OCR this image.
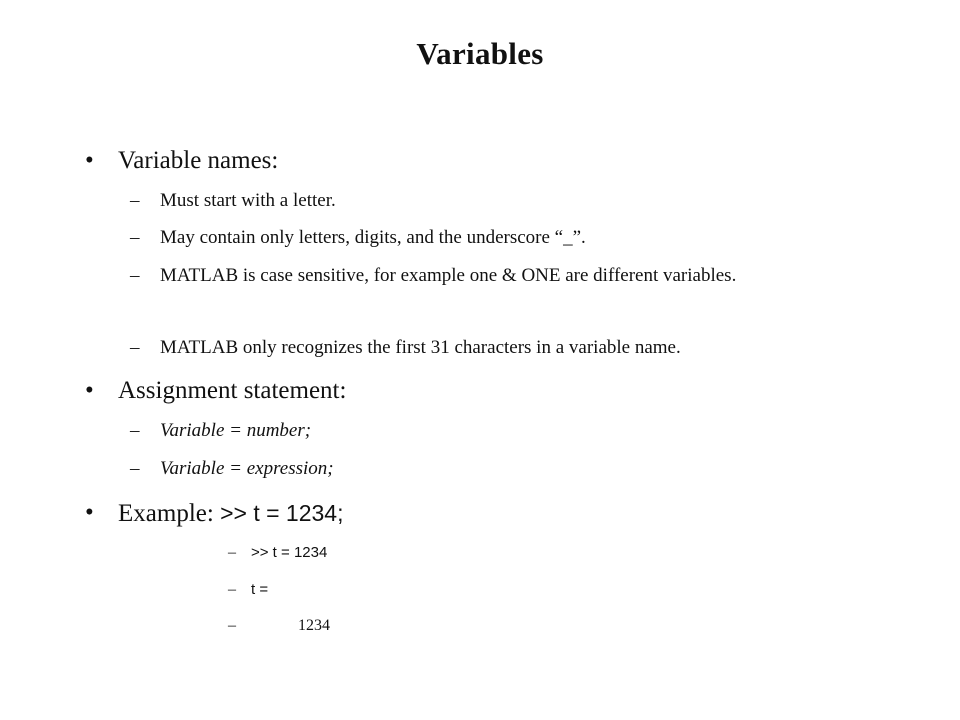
Variables
• Variable names:
– Must start with a letter.
– May contain only letters, digits, and the underscore “_”.
– MATLAB is case sensitive, for example one & ONE are different variables.
– MATLAB only recognizes the first 31 characters in a variable name.
• Assignment statement:
– Variable = number;
– Variable = expression;
• Example: >> t = 1234;
– >> t = 1234
– t =
–	1234
